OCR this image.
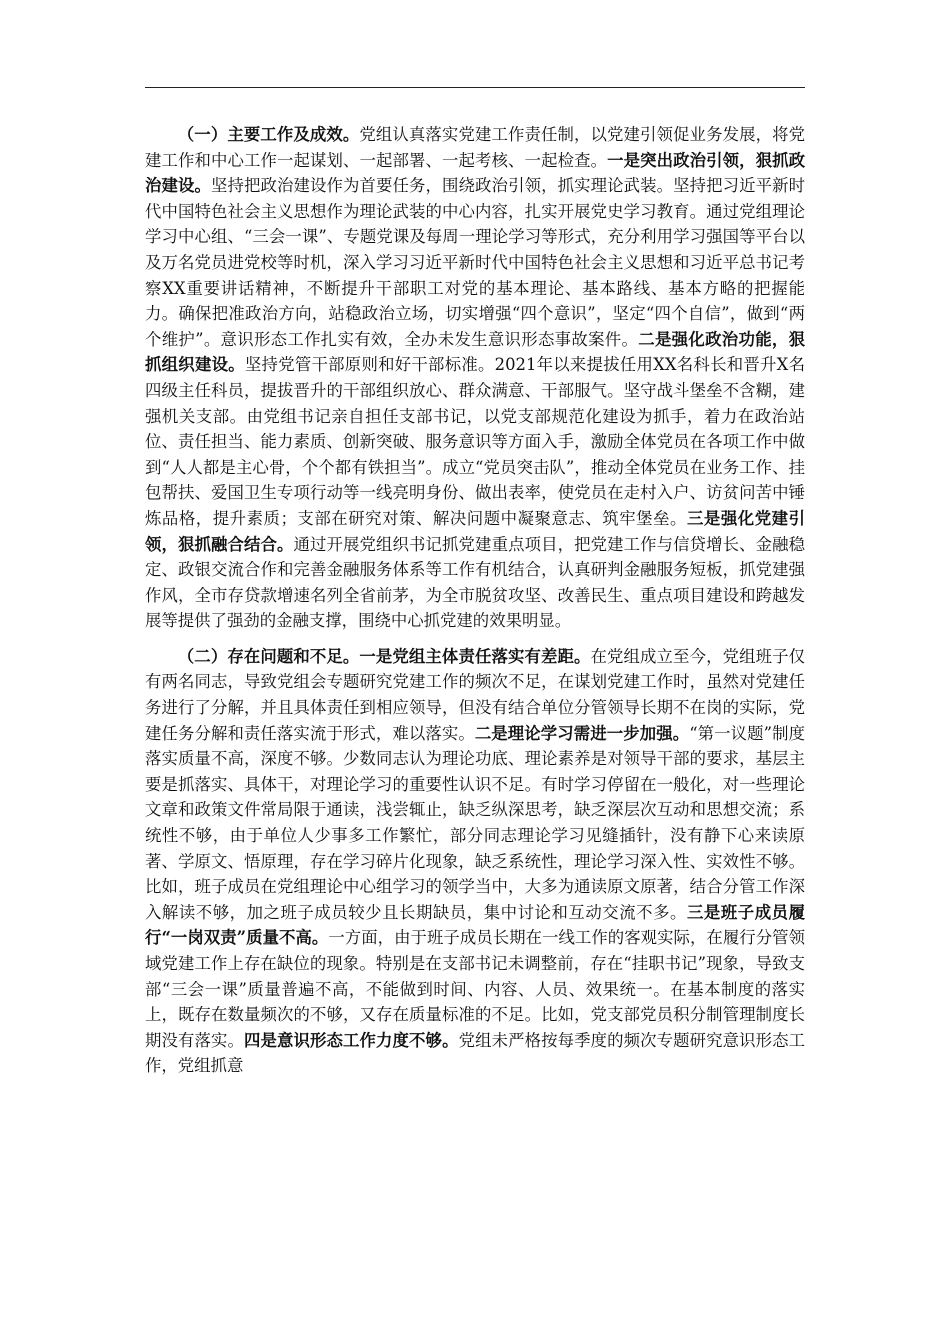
（一）主要工作及成效。党组认真落实党建工作责任制，以党建引领促业务发展，将党建工作和中心工作一起谋划、一起部署、一起考核、一起检查。一是突出政治引领，狠抓政治建设。坚持把政治建设作为首要任务，围绕政治引领，抓实理论武装。坚持把习近平新时代中国特色社会主义思想作为理论武装的中心内容，扎实开展党史学习教育。通过党组理论学习中心组、“三会一课”、专题党课及每周一理论学习等形式，充分利用学习强国等平台以及万名党员进党校等时机，深入学习习近平新时代中国特色社会主义思想和习近平总书记考察XX重要讲话精神，不断提升干部职工对党的基本理论、基本路线、基本方略的把握能力。确保把准政治方向，站稳政治立场，切实增强“四个意识”，坚定“四个自信”，做到“两个维护”。意识形态工作扎实有效，全办未发生意识形态事故案件。二是强化政治功能，狠抓组织建设。坚持党管干部原则和好干部标准。2021年以来提拔任用XX名科长和晋升X名四级主任科员，提拔晋升的干部组织放心、群众满意、干部服气。坚守战斗堡垒不含糊，建强机关支部。由党组书记亲自担任支部书记，以党支部规范化建设为抓手，着力在政治站位、责任担当、能力素质、创新突破、服务意识等方面入手，激励全体党员在各项工作中做到“人人都是主心骨，个个都有铁担当”。成立“党员突击队”，推动全体党员在业务工作、挂包帮扶、爱国卫生专项行动等一线亮明身份、做出表率，使党员在走村入户、访贫问苦中锤炼品格，提升素质；支部在研究对策、解决问题中凝聚意志、筑牢堡垒。三是强化党建引领，狠抓融合结合。通过开展党组织书记抓党建重点项目，把党建工作与信贷增长、金融稳定、政银交流合作和完善金融服务体系等工作有机结合，认真研判金融服务短板，抓党建强作风，全市存贷款增速名列全省前茅，为全市脱贫攻坚、改善民生、重点项目建设和跨越发展等提供了强劲的金融支撑，围绕中心抓党建的效果明显。

（二）存在问题和不足。一是党组主体责任落实有差距。在党组成立至今，党组班子仅有两名同志，导致党组会专题研究党建工作的频次不足，在谋划党建工作时，虽然对党建任务进行了分解，并且具体责任到相应领导，但没有结合单位分管领导长期不在岗的实际，党建任务分解和责任落实流于形式，难以落实。二是理论学习需进一步加强。“第一议题”制度落实质量不高，深度不够。少数同志认为理论功底、理论素养是对领导干部的要求，基层主要是抓落实、具体干，对理论学习的重要性认识不足。有时学习停留在一般化，对一些理论文章和政策文件常局限于通读，浅尝辄止，缺乏纵深思考，缺乏深层次互动和思想交流；系统性不够，由于单位人少事多工作繁忙，部分同志理论学习见缝插针，没有静下心来读原著、学原文、悟原理，存在学习碎片化现象，缺乏系统性，理论学习深入性、实效性不够。比如，班子成员在党组理论中心组学习的领学当中，大多为通读原文原著，结合分管工作深入解读不够，加之班子成员较少且长期缺员，集中讨论和互动交流不多。三是班子成员履行“一岗双责”质量不高。一方面，由于班子成员长期在一线工作的客观实际，在履行分管领域党建工作上存在缺位的现象。特别是在支部书记未调整前，存在“挂职书记”现象，导致支部“三会一课”质量普遍不高，不能做到时间、内容、人员、效果统一。在基本制度的落实上，既存在数量频次的不够，又存在质量标准的不足。比如，党支部党员积分制管理制度长期没有落实。四是意识形态工作力度不够。党组未严格按每季度的频次专题研究意识形态工作，党组抓意
